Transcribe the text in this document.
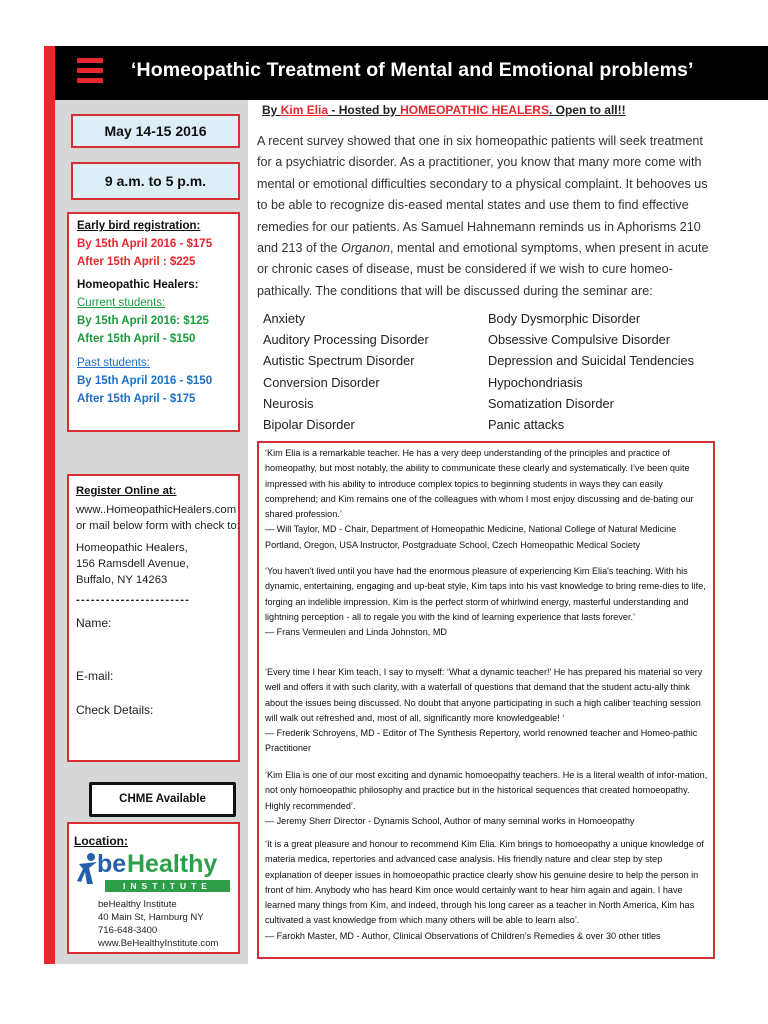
‘Homeopathic Treatment of Mental and Emotional problems’
May 14-15 2016
9 a.m. to 5 p.m.
Early bird registration:
By 15th April 2016 - $175
After 15th April : $225
Homeopathic Healers:
Current students:
By 15th April 2016: $125
After 15th April - $150
Past students:
By 15th April 2016 - $150
After 15th April - $175
Register Online at:
www..HomeopathicHealers.com
or mail below form with check to:
Homeopathic Healers,
156 Ramsdell Avenue,
Buffalo, NY 14263
-----------------------
Name:
E-mail:
Check Details:
CHME Available
Location:
be Healthy
INSTITUTE
beHealthy Institute
40 Main St, Hamburg NY
716-648-3400
www.BeHealthyInstitute.com
By Kim Elia - Hosted by HOMEOPATHIC HEALERS. Open to all!!
A recent survey showed that one in six homeopathic patients will seek treatment for a psychiatric disorder. As a practitioner, you know that many more come with mental or emotional difficulties secondary to a physical complaint. It behooves us to be able to recognize dis-eased mental states and use them to find effective remedies for our patients. As Samuel Hahnemann reminds us in Aphorisms 210 and 213 of the Organon, mental and emotional symptoms, when present in acute or chronic cases of disease, must be considered if we wish to cure homeo-pathically. The conditions that will be discussed during the seminar are:
Anxiety
Auditory Processing Disorder
Autistic Spectrum Disorder
Conversion Disorder
Neurosis
Bipolar Disorder
Body Dysmorphic Disorder
Obsessive Compulsive Disorder
Depression and Suicidal Tendencies
Hypochondriasis
Somatization Disorder
Panic attacks
‘Kim Elia is a remarkable teacher. He has a very deep understanding of the principles and practice of homeopathy, but most notably, the ability to communicate these clearly and systematically. I’ve been quite impressed with his ability to introduce complex topics to beginning students in ways they can easily comprehend; and Kim remains one of the colleagues with whom I most enjoy discussing and de-bating our shared profession.’
— Will Taylor, MD - Chair, Department of Homeopathic Medicine, National College of Natural Medicine Portland, Oregon, USA Instructor, Postgraduate School, Czech Homeopathic Medical Society
‘You haven't lived until you have had the enormous pleasure of experiencing Kim Elia's teaching. With his dynamic, entertaining, engaging and up-beat style, Kim taps into his vast knowledge to bring reme-dies to life, forging an indelible impression. Kim is the perfect storm of whirlwind energy, masterful understanding and lightning perception - all to regale you with the kind of learning experience that lasts forever.’
— Frans Vermeulen and Linda Johnston, MD
‘Every time I hear Kim teach, I say to myself: ‘What a dynamic teacher!’ He has prepared his material so very well and offers it with such clarity, with a waterfall of questions that demand that the student actu-ally think about the issues being discussed. No doubt that anyone participating in such a high caliber teaching session will walk out refreshed and, most of all, significantly more knowledgeable! ‘
— Frederik Schroyens, MD - Editor of The Synthesis Repertory, world renowned teacher and Homeo-pathic Practitioner
‘Kim Elia is one of our most exciting and dynamic homoeopathy teachers. He is a literal wealth of infor-mation, not only homoeopathic philosophy and practice but in the historical sequences that created homoeopathy. Highly recommended’.
— Jeremy Sherr Director - Dynamis School, Author of many seminal works in Homoeopathy
‘It is a great pleasure and honour to recommend Kim Elia. Kim brings to homoeopathy a unique knowledge of materia medica, repertories and advanced case analysis. His friendly nature and clear step by step explanation of deeper issues in homoeopathic practice clearly show his genuine desire to help the person in front of him. Anybody who has heard Kim once would certainly want to hear him again and again. I have learned many things from Kim, and indeed, through his long career as a teacher in North America, Kim has cultivated a vast knowledge from which many others will be able to learn also’.
— Farokh Master, MD - Author, Clinical Observations of Children’s Remedies & over 30 other titles
